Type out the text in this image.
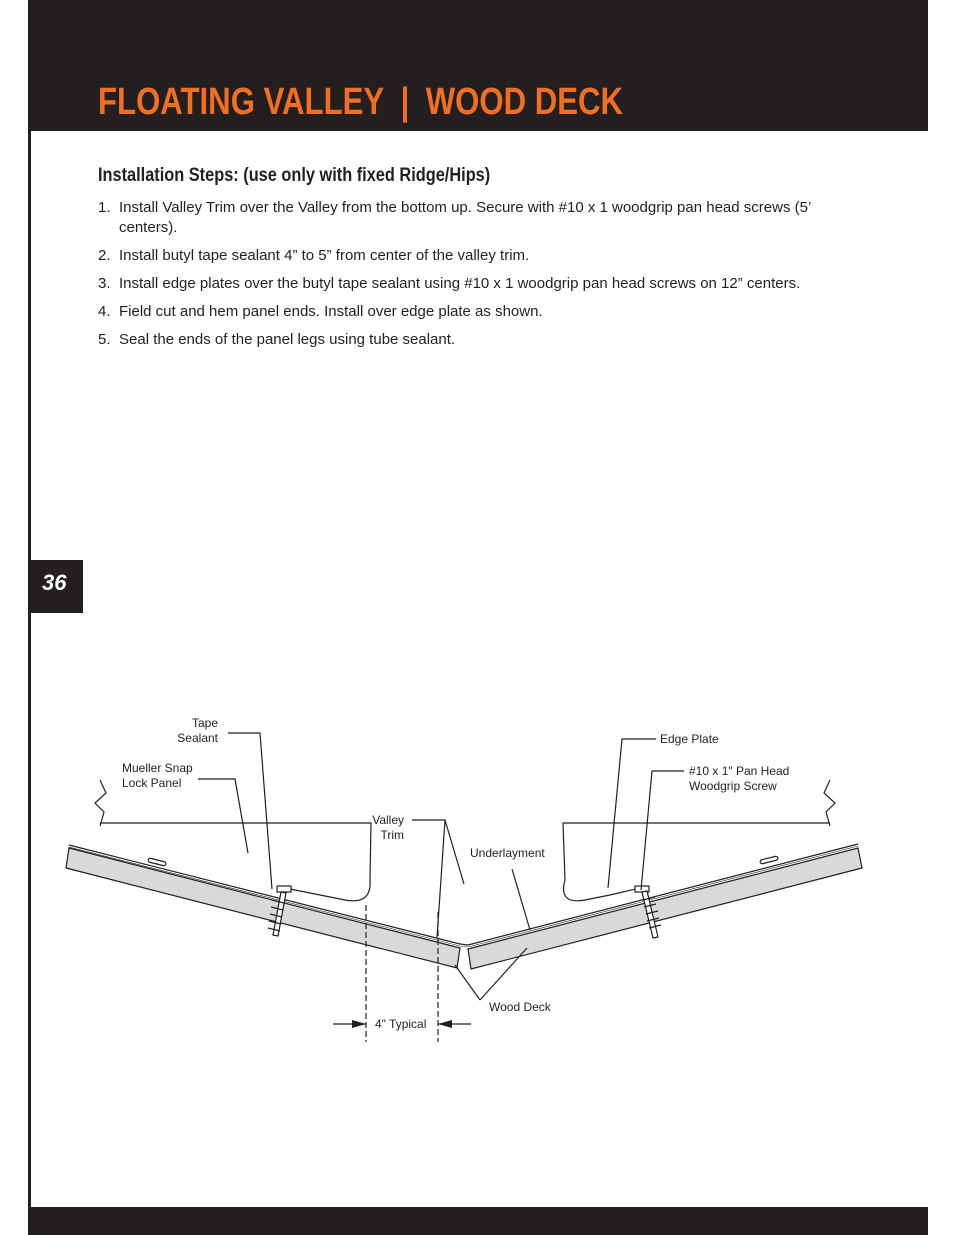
FLOATING VALLEY | WOOD DECK
36
Installation Steps: (use only with fixed Ridge/Hips)
1. Install Valley Trim over the Valley from the bottom up. Secure with #10 x 1 woodgrip pan head screws (5’ centers).
2. Install butyl tape sealant 4” to 5” from center of the valley trim.
3. Install edge plates over the butyl tape sealant using #10 x 1 woodgrip pan head screws on 12” centers.
4. Field cut and hem panel ends. Install over edge plate as shown.
5. Seal the ends of the panel legs using tube sealant.
Tape
Sealant
Mueller Snap
Lock Panel
Valley
Trim
Underlayment
Edge Plate
#10 x 1" Pan Head
Woodgrip Screw
Wood Deck
4" Typical
